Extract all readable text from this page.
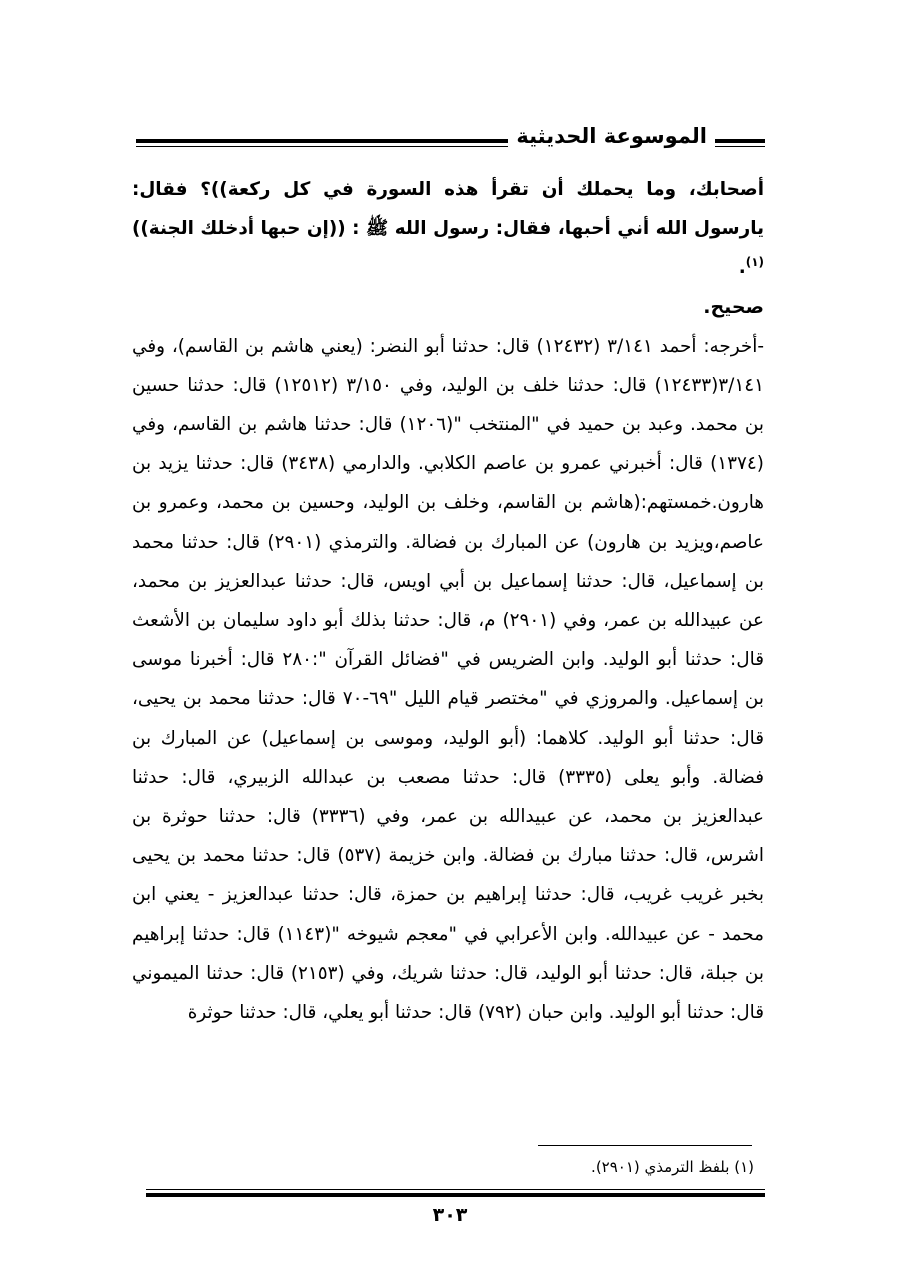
الموسوعة الحديثية

أصحابك، وما يحملك أن تقرأ هذه السورة في كل ركعة))؟ فقال: يارسول الله أني أحبها، فقال: رسول الله ﷺ : ((إن حبها أدخلك الجنة))$^{(١)}$.

صحيح.

-أخرجه: أحمد ٣/١٤١ (١٢٤٣٢) قال: حدثنا أبو النضر: (يعني هاشم بن القاسم)، وفي ٣/١٤١(١٢٤٣٣) قال: حدثنا خلف بن الوليد، وفي ٣/١٥٠ (١٢٥١٢) قال: حدثنا حسين بن محمد. وعبد بن حميد في "المنتخب "(١٢٠٦) قال: حدثنا هاشم بن القاسم، وفي (١٣٧٤) قال: أخبرني عمرو بن عاصم الكلابي. والدارمي (٣٤٣٨) قال: حدثنا يزيد بن هارون.خمستهم:(هاشم بن القاسم، وخلف بن الوليد، وحسين بن محمد، وعمرو بن عاصم،ويزيد بن هارون) عن المبارك بن فضالة. والترمذي (٢٩٠١) قال: حدثنا محمد بن إسماعيل، قال: حدثنا إسماعيل بن أبي اويس، قال: حدثنا عبدالعزيز بن محمد، عن عبيدالله بن عمر، وفي (٢٩٠١) م، قال: حدثنا بذلك أبو داود سليمان بن الأشعث قال: حدثنا أبو الوليد. وابن الضريس في "فضائل القرآن ":٢٨٠ قال: أخبرنا موسى بن إسماعيل. والمروزي في "مختصر قيام الليل "٦٩-٧٠ قال: حدثنا محمد بن يحيى، قال: حدثنا أبو الوليد. كلاهما: (أبو الوليد، وموسى بن إسماعيل) عن المبارك بن فضالة. وأبو يعلى (٣٣٣٥) قال: حدثنا مصعب بن عبدالله الزبيري، قال: حدثنا عبدالعزيز بن محمد، عن عبيدالله بن عمر، وفي (٣٣٣٦) قال: حدثنا حوثرة بن اشرس، قال: حدثنا مبارك بن فضالة. وابن خزيمة (٥٣٧) قال: حدثنا محمد بن يحيى بخبر غريب غريب، قال: حدثنا إبراهيم بن حمزة، قال: حدثنا عبدالعزيز - يعني ابن محمد - عن عبيدالله. وابن الأعرابي في "معجم شيوخه "(١١٤٣) قال: حدثنا إبراهيم بن جبلة، قال: حدثنا أبو الوليد، قال: حدثنا شريك، وفي (٢١٥٣) قال: حدثنا الميموني قال: حدثنا أبو الوليد. وابن حبان (٧٩٢) قال: حدثنا أبو يعلي، قال: حدثنا حوثرة

(١) بلفظ الترمذي (٢٩٠١).
٣٠٣
